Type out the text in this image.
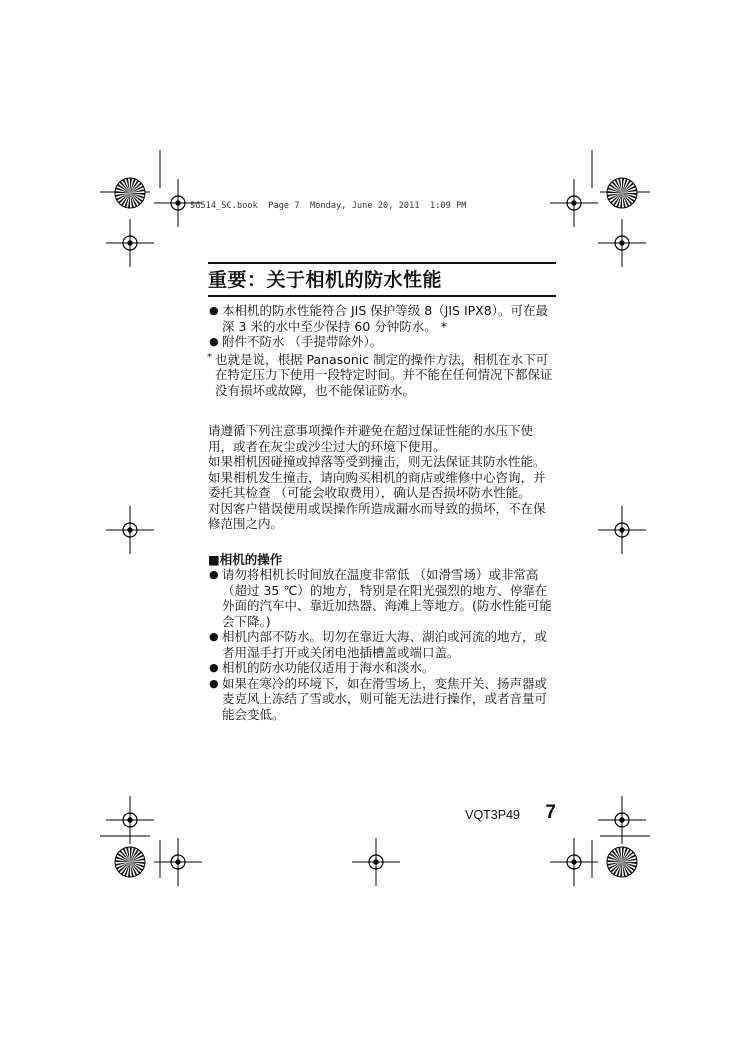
SG514_SC.book  Page 7  Monday, June 20, 2011  1:09 PM
重要：关于相机的防水性能

● 本相机的防水性能符合 JIS 保护等级 8（JIS IPX8）。可在最深 3 米的水中至少保持 60 分钟防水。 *

● 附件不防水 （手提带除外）。

* 也就是说，根据 Panasonic 制定的操作方法，相机在水下可在特定压力下使用一段特定时间。并不能在任何情况下都保证没有损坏或故障，也不能保证防水。

请遵循下列注意事项操作并避免在超过保证性能的水压下使用，或者在灰尘或沙尘过大的环境下使用。

如果相机因碰撞或掉落等受到撞击，则无法保证其防水性能。

如果相机发生撞击，请向购买相机的商店或维修中心咨询，并委托其检查 （可能会收取费用），确认是否损坏防水性能。

对因客户错误使用或误操作所造成漏水而导致的损坏，不在保修范围之内。

■相机的操作

● 请勿将相机长时间放在温度非常低 （如滑雪场）或非常高（超过 35 ℃）的地方，特别是在阳光强烈的地方、停靠在外面的汽车中、靠近加热器、海滩上等地方。(防水性能可能会下降。)

● 相机内部不防水。切勿在靠近大海、湖泊或河流的地方，或者用湿手打开或关闭电池插槽盖或端口盖。

● 相机的防水功能仅适用于海水和淡水。

● 如果在寒冷的环境下，如在滑雪场上，变焦开关、扬声器或麦克风上冻结了雪或水，则可能无法进行操作，或者音量可能会变低。

VQT3P49 7
